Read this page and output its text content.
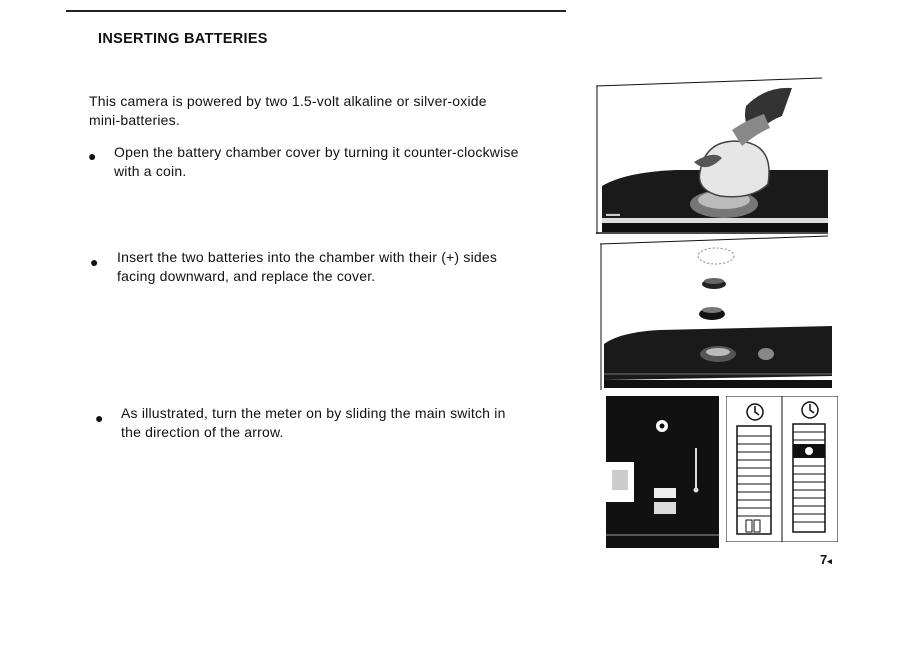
INSERTING BATTERIES
This camera is powered by two 1.5-volt alkaline or silver-oxide
mini-batteries.
● Open the battery chamber cover by turning it counter-clockwise
with a coin.
● Insert the two batteries into the chamber with their (+) sides
facing downward, and replace the cover.
● As illustrated, turn the meter on by sliding the main switch in
the direction of the arrow.
▬▬
7◂
